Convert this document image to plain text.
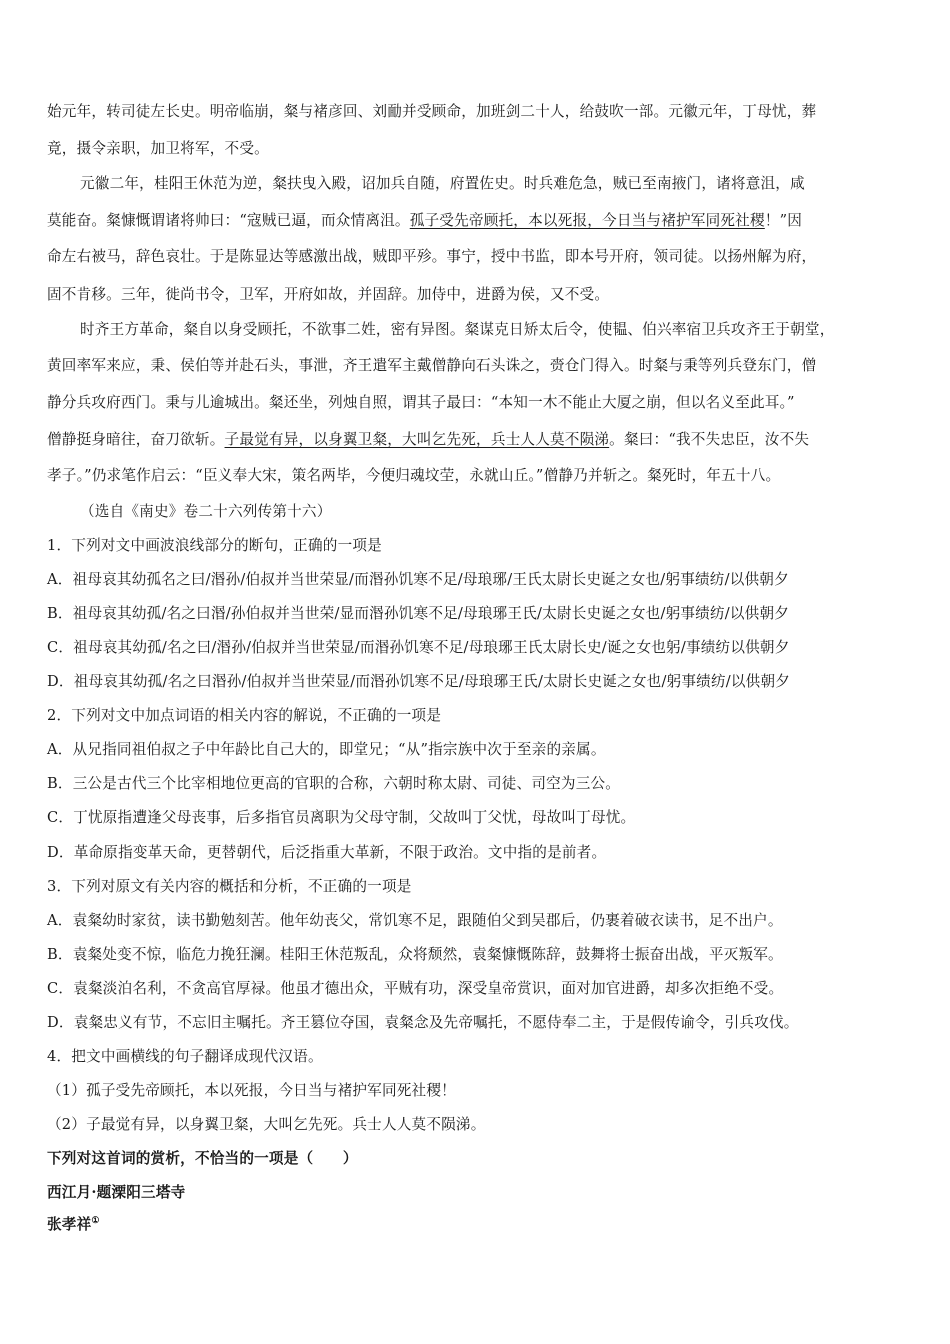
始元年，转司徒左长史。明帝临崩，粲与褚彦回、刘勔并受顾命，加班剑二十人，给鼓吹一部。元徽元年，丁母忧，葬
竟，摄令亲职，加卫将军，不受。
元徽二年，桂阳王休范为逆，粲扶曳入殿，诏加兵自随，府置佐史。时兵难危急，贼已至南掖门，诸将意沮，咸
莫能奋。粲慷慨谓诸将帅曰：“寇贼已逼，而众情离沮。孤子受先帝顾托，本以死报，今日当与褚护军同死社稷！”因
命左右被马，辞色哀壮。于是陈显达等感激出战，贼即平殄。事宁，授中书监，即本号开府，领司徒。以扬州解为府，
固不肯移。三年，徙尚书令，卫军，开府如故，并固辞。加侍中，进爵为侯，又不受。
时齐王方革命，粲自以身受顾托，不欲事二姓，密有异图。粲谋克日矫太后令，使韫、伯兴率宿卫兵攻齐王于朝堂，
黄回率军来应，秉、侯伯等并赴石头，事泄，齐王遣军主戴僧静向石头诛之，赍仓门得入。时粲与秉等列兵登东门，僧
静分兵攻府西门。秉与儿逾城出。粲还坐，列烛自照，谓其子最曰：“本知一木不能止大厦之崩，但以名义至此耳。”
僧静挺身暗往，奋刀欲斩。子最觉有异，以身翼卫粲，大叫乞先死，兵士人人莫不陨涕。粲曰：“我不失忠臣，汝不失
孝子。”仍求笔作启云：“臣义奉大宋，策名两毕，今便归魂坟茔，永就山丘。”僧静乃并斩之。粲死时，年五十八。
（选自《南史》卷二十六列传第十六）
1．下列对文中画波浪线部分的断句，正确的一项是
A．祖母哀其幼孤名之曰/湣孙/伯叔并当世荣显/而湣孙饥寒不足/母琅琊/王氏太尉长史诞之女也/躬事绩纺/以供朝夕
B．祖母哀其幼孤/名之曰湣/孙伯叔并当世荣/显而湣孙饥寒不足/母琅琊王氏/太尉长史诞之女也/躬事绩纺/以供朝夕
C．祖母哀其幼孤/名之曰/湣孙/伯叔并当世荣显/而湣孙饥寒不足/母琅琊王氏太尉长史/诞之女也躬/事绩纺以供朝夕
D．祖母哀其幼孤/名之曰湣孙/伯叔并当世荣显/而湣孙饥寒不足/母琅琊王氏/太尉长史诞之女也/躬事绩纺/以供朝夕
2．下列对文中加点词语的相关内容的解说，不正确的一项是
A．从兄指同祖伯叔之子中年龄比自己大的，即堂兄；“从”指宗族中次于至亲的亲属。
B．三公是古代三个比宰相地位更高的官职的合称，六朝时称太尉、司徒、司空为三公。
C．丁忧原指遭逢父母丧事，后多指官员离职为父母守制，父故叫丁父忧，母故叫丁母忧。
D．革命原指变革天命，更替朝代，后泛指重大革新，不限于政治。文中指的是前者。
3．下列对原文有关内容的概括和分析，不正确的一项是
A．袁粲幼时家贫，读书勤勉刻苦。他年幼丧父，常饥寒不足，跟随伯父到吴郡后，仍裹着破衣读书，足不出户。
B．袁粲处变不惊，临危力挽狂澜。桂阳王休范叛乱，众将颓然，袁粲慷慨陈辞，鼓舞将士振奋出战，平灭叛军。
C．袁粲淡泊名利，不贪高官厚禄。他虽才德出众，平贼有功，深受皇帝赏识，面对加官进爵，却多次拒绝不受。
D．袁粲忠义有节，不忘旧主嘱托。齐王篡位夺国，袁粲念及先帝嘱托，不愿侍奉二主，于是假传谕令，引兵攻伐。
4．把文中画横线的句子翻译成现代汉语。
（1）孤子受先帝顾托，本以死报，今日当与褚护军同死社稷！
（2）子最觉有异，以身翼卫粲，大叫乞先死。兵士人人莫不陨涕。
下列对这首词的赏析，不恰当的一项是（　　）
西江月·题溧阳三塔寺
张孝祥①
